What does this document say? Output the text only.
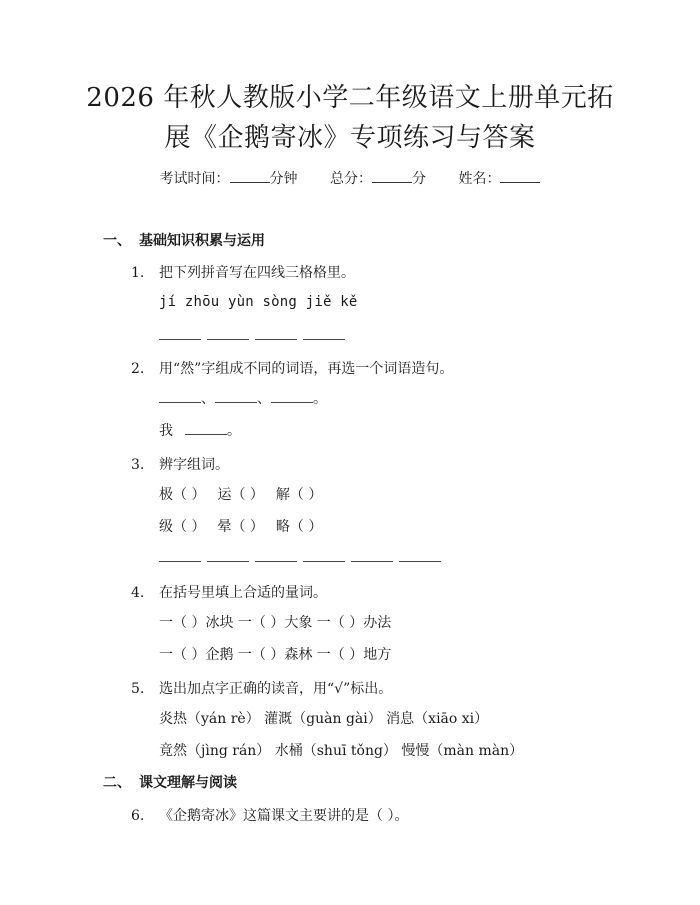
2026 年秋人教版小学二年级语文上册单元拓
展《企鹅寄冰》专项练习与答案
考试时间：	分钟 总分：	分 姓名：
一、 基础知识积累与运用
1. 把下列拼音写在四线三格格里。
jí zhōu yùn sòng jiě kě
2. 用“然”字组成不同的词语，再选一个词语造句。
、	、	。
我	。
3. 辨字组词。
极（ ） 运（ ） 解（ ）
级（ ） 晕（ ） 略（ ）
4. 在括号里填上合适的量词。
一（ ）冰块 一（ ）大象 一（ ）办法
一（ ）企鹅 一（ ）森林 一（ ）地方
5. 选出加点字正确的读音，用“√”标出。
炎热（yán rè） 灌溉（guàn gài） 消息（xiāo xi）
竟然（jìng rán） 水桶（shuī tǒng） 慢慢（màn màn）
二、 课文理解与阅读
6. 《企鹅寄冰》这篇课文主要讲的是（ ）。
